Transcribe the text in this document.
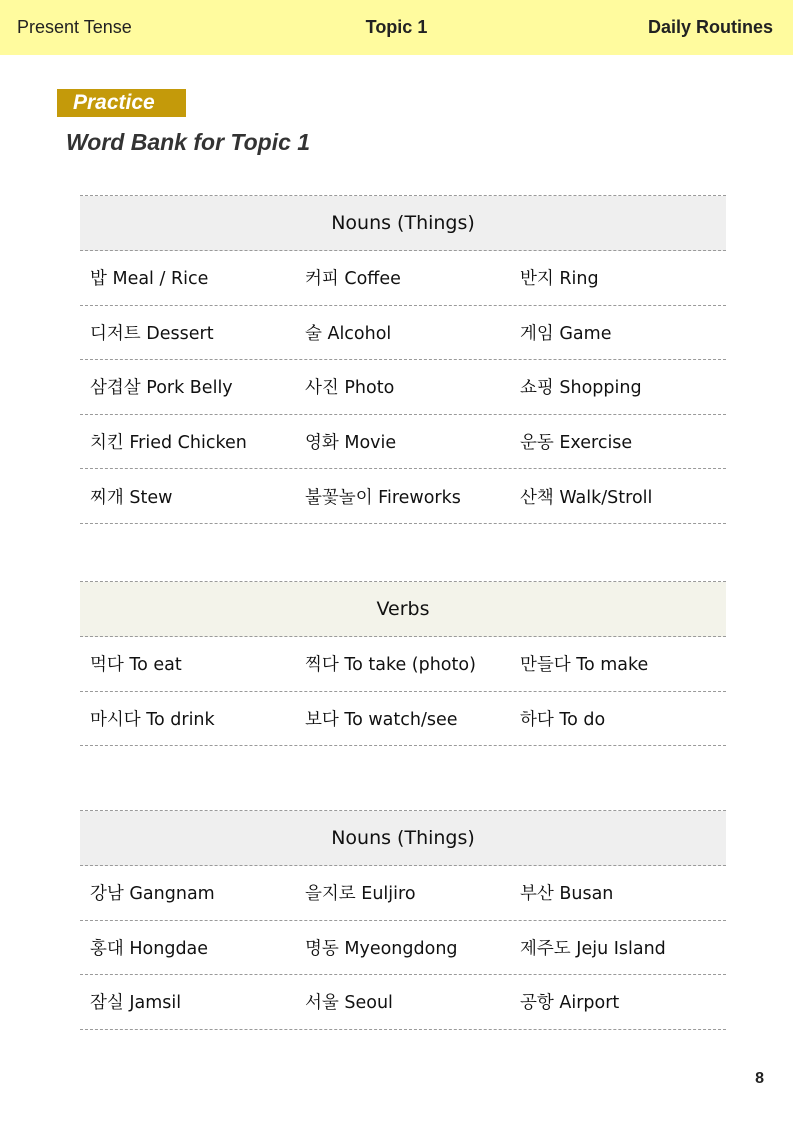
Present Tense	Topic 1	Daily Routines
Practice
Word Bank for Topic 1
Nouns (Things)
밥 Meal / Rice	커피 Coffee	반지 Ring
디저트 Dessert	술 Alcohol	게임 Game
삼겹살 Pork Belly	사진 Photo	쇼핑 Shopping
치킨 Fried Chicken	영화 Movie	운동 Exercise
찌개 Stew	불꽃놀이 Fireworks	산책 Walk/Stroll
Verbs
먹다 To eat	찍다 To take (photo)	만들다 To make
마시다 To drink	보다 To watch/see	하다 To do
Nouns (Things)
강남 Gangnam	을지로 Euljiro	부산 Busan
홍대 Hongdae	명동 Myeongdong	제주도 Jeju Island
잠실 Jamsil	서울 Seoul	공항 Airport
8
